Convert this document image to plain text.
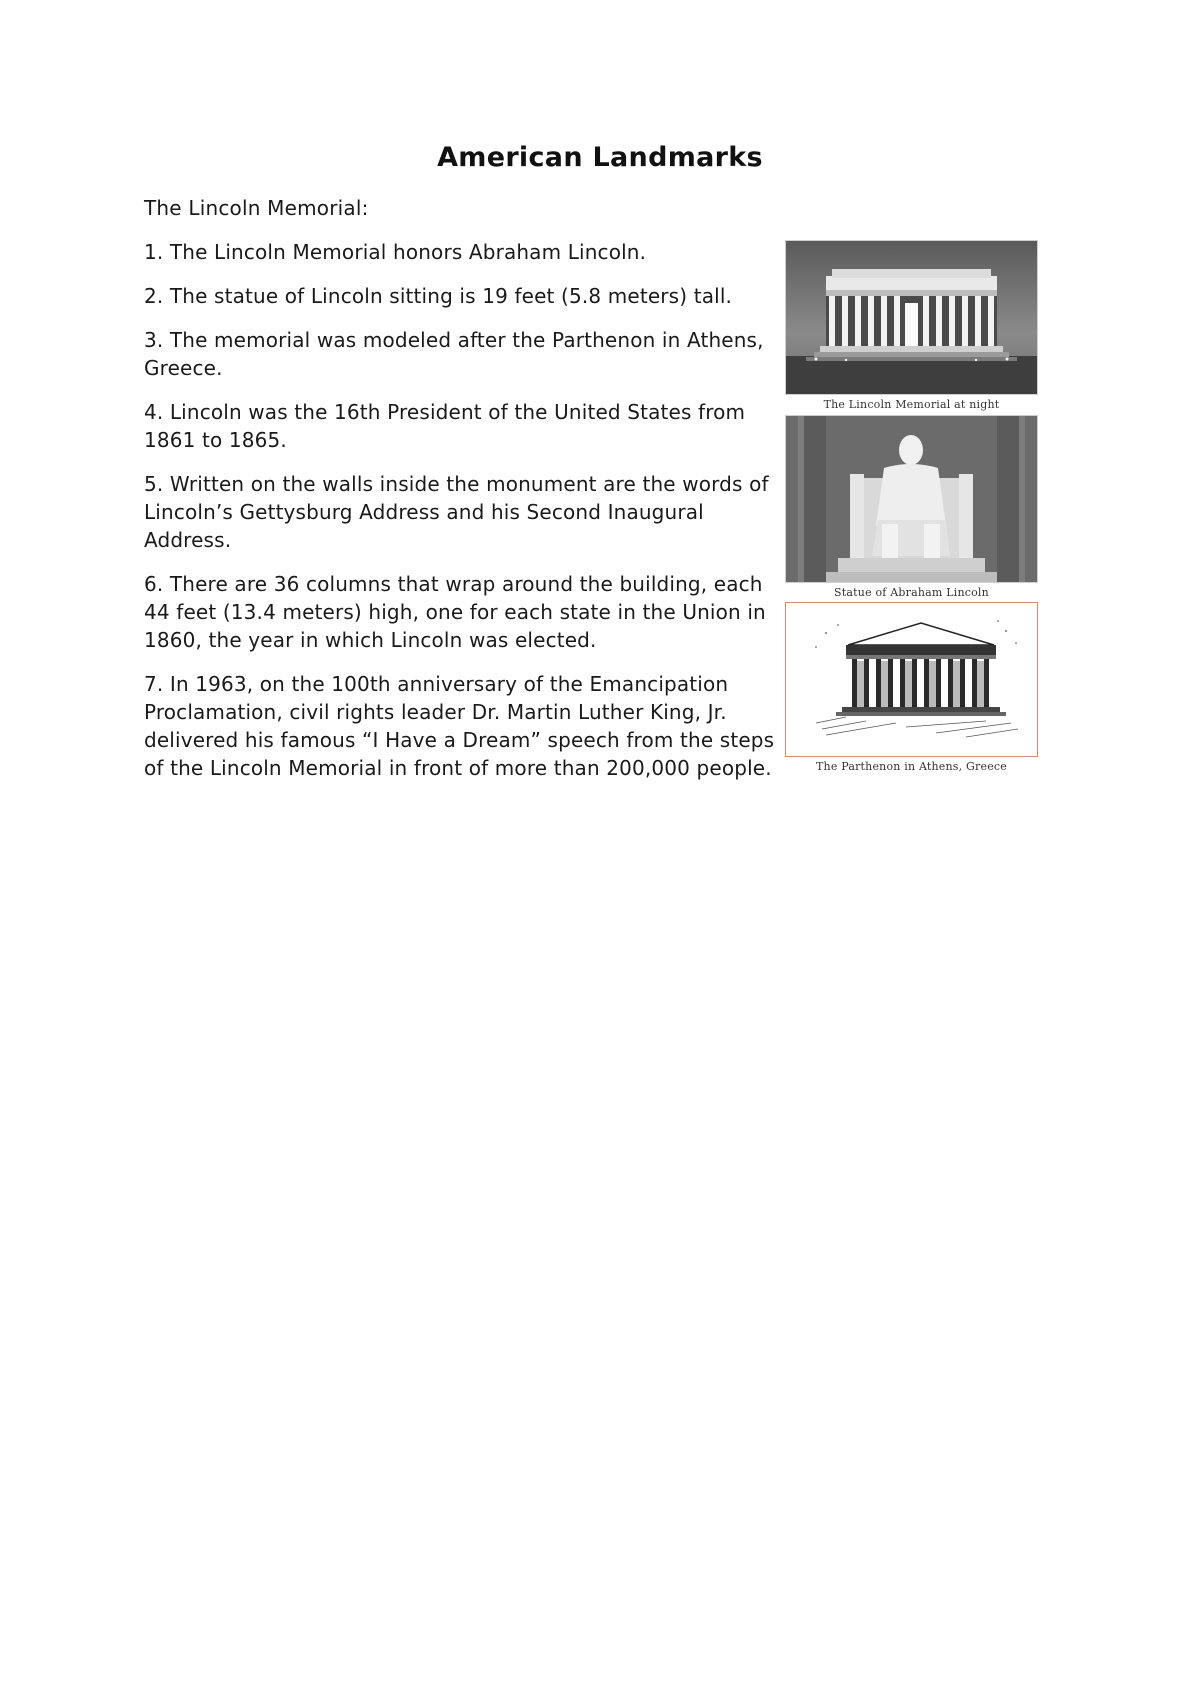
American Landmarks

The Lincoln Memorial:

1. The Lincoln Memorial honors Abraham Lincoln.

2. The statue of Lincoln sitting is 19 feet (5.8 meters) tall.

3. The memorial was modeled after the Parthenon in Athens, Greece.

4. Lincoln was the 16th President of the United States from 1861 to 1865.

5. Written on the walls inside the monument are the words of Lincoln’s Gettysburg Address and his Second Inaugural Address.

6. There are 36 columns that wrap around the building, each 44 feet (13.4 meters) high, one for each state in the Union in 1860, the year in which Lincoln was elected.

7. In 1963, on the 100th anniversary of the Emancipation Proclamation, civil rights leader Dr. Martin Luther King, Jr. delivered his famous “I Have a Dream” speech from the steps of the Lincoln Memorial in front of more than 200,000 people.

The Lincoln Memorial at night
Statue of Abraham Lincoln
The Parthenon in Athens, Greece
